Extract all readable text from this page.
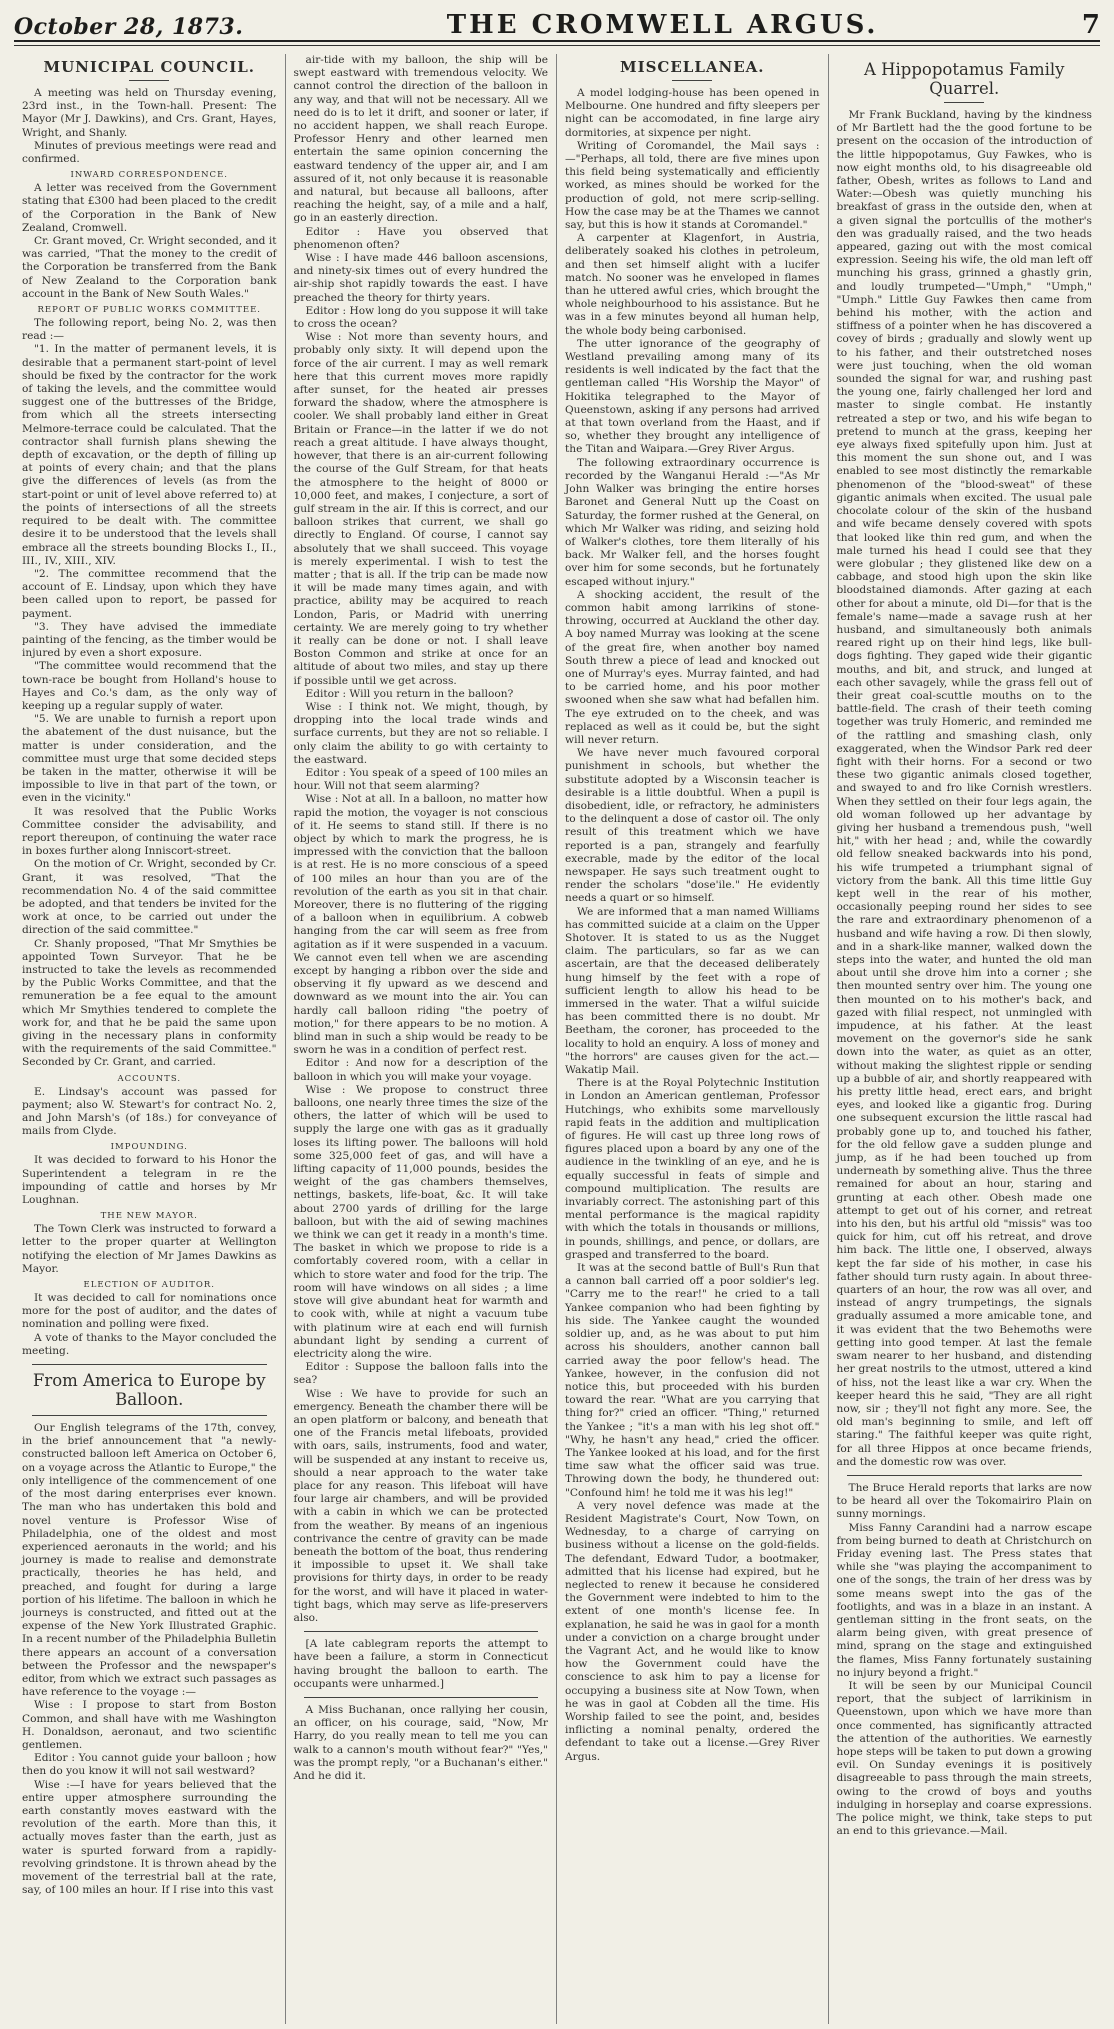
October 28, 1873.	THE CROMWELL ARGUS.	7
MUNICIPAL COUNCIL.

A meeting was held on Thursday evening, 23rd inst., in the Town-hall. Present: The Mayor (Mr J. Dawkins), and Crs. Grant, Hayes, Wright, and Shanly.

Minutes of previous meetings were read and confirmed.

INWARD CORRESPONDENCE.

A letter was received from the Government stating that £300 had been placed to the credit of the Corporation in the Bank of New Zealand, Cromwell.

Cr. Grant moved, Cr. Wright seconded, and it was carried, "That the money to the credit of the Corporation be transferred from the Bank of New Zealand to the Corporation bank account in the Bank of New South Wales."

REPORT OF PUBLIC WORKS COMMITTEE.

The following report, being No. 2, was then read :—

"1. In the matter of permanent levels, it is desirable that a permanent start-point of level should be fixed by the contractor for the work of taking the levels, and the committee would suggest one of the buttresses of the Bridge, from which all the streets intersecting Melmore-terrace could be calculated. That the contractor shall furnish plans shewing the depth of excavation, or the depth of filling up at points of every chain; and that the plans give the differences of levels (as from the start-point or unit of level above referred to) at the points of intersections of all the streets required to be dealt with. The committee desire it to be understood that the levels shall embrace all the streets bounding Blocks I., II., III., IV., XIII., XIV.

"2. The committee recommend that the account of E. Lindsay, upon which they have been called upon to report, be passed for payment.

"3. They have advised the immediate painting of the fencing, as the timber would be injured by even a short exposure.

"The committee would recommend that the town-race be bought from Holland's house to Hayes and Co.'s dam, as the only way of keeping up a regular supply of water.

"5. We are unable to furnish a report upon the abatement of the dust nuisance, but the matter is under consideration, and the committee must urge that some decided steps be taken in the matter, otherwise it will be impossible to live in that part of the town, or even in the vicinity."

It was resolved that the Public Works Committee consider the advisability, and report thereupon, of continuing the water race in boxes further along Inniscort-street.

On the motion of Cr. Wright, seconded by Cr. Grant, it was resolved, "That the recommendation No. 4 of the said committee be adopted, and that tenders be invited for the work at once, to be carried out under the direction of the said committee."

Cr. Shanly proposed, "That Mr Smythies be appointed Town Surveyor. That he be instructed to take the levels as recommended by the Public Works Committee, and that the remuneration be a fee equal to the amount which Mr Smythies tendered to complete the work for, and that he be paid the same upon giving in the necessary plans in conformity with the requirements of the said Committee." Seconded by Cr. Grant, and carried.

ACCOUNTS.

E. Lindsay's account was passed for payment; also W. Stewart's for contract No. 2, and John Marsh's (of 18s.) for conveyance of mails from Clyde.

IMPOUNDING.

It was decided to forward to his Honor the Superintendent a telegram in re the impounding of cattle and horses by Mr Loughnan.

THE NEW MAYOR.

The Town Clerk was instructed to forward a letter to the proper quarter at Wellington notifying the election of Mr James Dawkins as Mayor.

ELECTION OF AUDITOR.

It was decided to call for nominations once more for the post of auditor, and the dates of nomination and polling were fixed.

A vote of thanks to the Mayor concluded the meeting.

From America to Europe by Balloon.

Our English telegrams of the 17th, convey, in the brief announcement that "a newly-constructed balloon left America on October 6, on a voyage across the Atlantic to Europe," the only intelligence of the commencement of one of the most daring enterprises ever known. The man who has undertaken this bold and novel venture is Professor Wise of Philadelphia, one of the oldest and most experienced aeronauts in the world; and his journey is made to realise and demonstrate practically, theories he has held, and preached, and fought for during a large portion of his lifetime. The balloon in which he journeys is constructed, and fitted out at the expense of the New York Illustrated Graphic. In a recent number of the Philadelphia Bulletin there appears an account of a conversation between the Professor and the newspaper's editor, from which we extract such passages as have reference to the voyage :—

Wise : I propose to start from Boston Common, and shall have with me Washington H. Donaldson, aeronaut, and two scientific gentlemen.

Editor : You cannot guide your balloon ; how then do you know it will not sail westward?

Wise :—I have for years believed that the entire upper atmosphere surrounding the earth constantly moves eastward with the revolution of the earth. More than this, it actually moves faster than the earth, just as water is spurted forward from a rapidly-revolving grindstone. It is thrown ahead by the movement of the terrestrial ball at the rate, say, of 100 miles an hour. If I rise into this vast

air-tide with my balloon, the ship will be swept eastward with tremendous velocity. We cannot control the direction of the balloon in any way, and that will not be necessary. All we need do is to let it drift, and sooner or later, if no accident happen, we shall reach Europe. Professor Henry and other learned men entertain the same opinion concerning the eastward tendency of the upper air, and I am assured of it, not only because it is reasonable and natural, but because all balloons, after reaching the height, say, of a mile and a half, go in an easterly direction.

Editor : Have you observed that phenomenon often?

Wise : I have made 446 balloon ascensions, and ninety-six times out of every hundred the air-ship shot rapidly towards the east. I have preached the theory for thirty years.

Editor : How long do you suppose it will take to cross the ocean?

Wise : Not more than seventy hours, and probably only sixty. It will depend upon the force of the air current. I may as well remark here that this current moves more rapidly after sunset, for the heated air presses forward the shadow, where the atmosphere is cooler. We shall probably land either in Great Britain or France—in the latter if we do not reach a great altitude. I have always thought, however, that there is an air-current following the course of the Gulf Stream, for that heats the atmosphere to the height of 8000 or 10,000 feet, and makes, I conjecture, a sort of gulf stream in the air. If this is correct, and our balloon strikes that current, we shall go directly to England. Of course, I cannot say absolutely that we shall succeed. This voyage is merely experimental. I wish to test the matter ; that is all. If the trip can be made now it will be made many times again, and with practice, ability may be acquired to reach London, Paris, or Madrid with unerring certainty. We are merely going to try whether it really can be done or not. I shall leave Boston Common and strike at once for an altitude of about two miles, and stay up there if possible until we get across.

Editor : Will you return in the balloon?

Wise : I think not. We might, though, by dropping into the local trade winds and surface currents, but they are not so reliable. I only claim the ability to go with certainty to the eastward.

Editor : You speak of a speed of 100 miles an hour. Will not that seem alarming?

Wise : Not at all. In a balloon, no matter how rapid the motion, the voyager is not conscious of it. He seems to stand still. If there is no object by which to mark the progress, he is impressed with the conviction that the balloon is at rest. He is no more conscious of a speed of 100 miles an hour than you are of the revolution of the earth as you sit in that chair. Moreover, there is no fluttering of the rigging of a balloon when in equilibrium. A cobweb hanging from the car will seem as free from agitation as if it were suspended in a vacuum. We cannot even tell when we are ascending except by hanging a ribbon over the side and observing it fly upward as we descend and downward as we mount into the air. You can hardly call balloon riding "the poetry of motion," for there appears to be no motion. A blind man in such a ship would be ready to be sworn he was in a condition of perfect rest.

Editor : And now for a description of the balloon in which you will make your voyage.

Wise : We propose to construct three balloons, one nearly three times the size of the others, the latter of which will be used to supply the large one with gas as it gradually loses its lifting power. The balloons will hold some 325,000 feet of gas, and will have a lifting capacity of 11,000 pounds, besides the weight of the gas chambers themselves, nettings, baskets, life-boat, &c. It will take about 2700 yards of drilling for the large balloon, but with the aid of sewing machines we think we can get it ready in a month's time. The basket in which we propose to ride is a comfortably covered room, with a cellar in which to store water and food for the trip. The room will have windows on all sides ; a lime stove will give abundant heat for warmth and to cook with, while at night a vacuum tube with platinum wire at each end will furnish abundant light by sending a current of electricity along the wire.

Editor : Suppose the balloon falls into the sea?

Wise : We have to provide for such an emergency. Beneath the chamber there will be an open platform or balcony, and beneath that one of the Francis metal lifeboats, provided with oars, sails, instruments, food and water, will be suspended at any instant to receive us, should a near approach to the water take place for any reason. This lifeboat will have four large air chambers, and will be provided with a cabin in which we can be protected from the weather. By means of an ingenious contrivance the centre of gravity can be made beneath the bottom of the boat, thus rendering it impossible to upset it. We shall take provisions for thirty days, in order to be ready for the worst, and will have it placed in water-tight bags, which may serve as life-preservers also.

[A late cablegram reports the attempt to have been a failure, a storm in Connecticut having brought the balloon to earth. The occupants were unharmed.]

A Miss Buchanan, once rallying her cousin, an officer, on his courage, said, "Now, Mr Harry, do you really mean to tell me you can walk to a cannon's mouth without fear?" "Yes," was the prompt reply, "or a Buchanan's either." And he did it.

MISCELLANEA.

A model lodging-house has been opened in Melbourne. One hundred and fifty sleepers per night can be accomodated, in fine large airy dormitories, at sixpence per night.

Writing of Coromandel, the Mail says :—"Perhaps, all told, there are five mines upon this field being systematically and efficiently worked, as mines should be worked for the production of gold, not mere scrip-selling. How the case may be at the Thames we cannot say, but this is how it stands at Coromandel."

A carpenter at Klagenfort, in Austria, deliberately soaked his clothes in petroleum, and then set himself alight with a lucifer match. No sooner was he enveloped in flames than he uttered awful cries, which brought the whole neighbourhood to his assistance. But he was in a few minutes beyond all human help, the whole body being carbonised.

The utter ignorance of the geography of Westland prevailing among many of its residents is well indicated by the fact that the gentleman called "His Worship the Mayor" of Hokitika telegraphed to the Mayor of Queenstown, asking if any persons had arrived at that town overland from the Haast, and if so, whether they brought any intelligence of the Titan and Waipara.—Grey River Argus.

The following extraordinary occurrence is recorded by the Wanganui Herald :—"As Mr John Walker was bringing the entire horses Baronet and General Nutt up the Coast on Saturday, the former rushed at the General, on which Mr Walker was riding, and seizing hold of Walker's clothes, tore them literally of his back. Mr Walker fell, and the horses fought over him for some seconds, but he fortunately escaped without injury."

A shocking accident, the result of the common habit among larrikins of stone-throwing, occurred at Auckland the other day. A boy named Murray was looking at the scene of the great fire, when another boy named South threw a piece of lead and knocked out one of Murray's eyes. Murray fainted, and had to be carried home, and his poor mother swooned when she saw what had befallen him. The eye extruded on to the cheek, and was replaced as well as it could be, but the sight will never return.

We have never much favoured corporal punishment in schools, but whether the substitute adopted by a Wisconsin teacher is desirable is a little doubtful. When a pupil is disobedient, idle, or refractory, he administers to the delinquent a dose of castor oil. The only result of this treatment which we have reported is a pan, strangely and fearfully execrable, made by the editor of the local newspaper. He says such treatment ought to render the scholars "dose'ile." He evidently needs a quart or so himself.

We are informed that a man named Williams has committed suicide at a claim on the Upper Shotover. It is stated to us as the Nugget claim. The particulars, so far as we can ascertain, are that the deceased deliberately hung himself by the feet with a rope of sufficient length to allow his head to be immersed in the water. That a wilful suicide has been committed there is no doubt. Mr Beetham, the coroner, has proceeded to the locality to hold an enquiry. A loss of money and "the horrors" are causes given for the act.—Wakatip Mail.

There is at the Royal Polytechnic Institution in London an American gentleman, Professor Hutchings, who exhibits some marvellously rapid feats in the addition and multiplication of figures. He will cast up three long rows of figures placed upon a board by any one of the audience in the twinkling of an eye, and he is equally successful in feats of simple and compound multiplication. The results are invariably correct. The astonishing part of this mental performance is the magical rapidity with which the totals in thousands or millions, in pounds, shillings, and pence, or dollars, are grasped and transferred to the board.

It was at the second battle of Bull's Run that a cannon ball carried off a poor soldier's leg. "Carry me to the rear!" he cried to a tall Yankee companion who had been fighting by his side. The Yankee caught the wounded soldier up, and, as he was about to put him across his shoulders, another cannon ball carried away the poor fellow's head. The Yankee, however, in the confusion did not notice this, but proceeded with his burden toward the rear. "What are you carrying that thing for?" cried an officer. "Thing," returned the Yankee ; "it's a man with his leg shot off." "Why, he hasn't any head," cried the officer. The Yankee looked at his load, and for the first time saw what the officer said was true. Throwing down the body, he thundered out: "Confound him! he told me it was his leg!"

A very novel defence was made at the Resident Magistrate's Court, Now Town, on Wednesday, to a charge of carrying on business without a license on the gold-fields. The defendant, Edward Tudor, a bootmaker, admitted that his license had expired, but he neglected to renew it because he considered the Government were indebted to him to the extent of one month's license fee. In explanation, he said he was in gaol for a month under a conviction on a charge brought under the Vagrant Act, and he would like to know how the Government could have the conscience to ask him to pay a license for occupying a business site at Now Town, when he was in gaol at Cobden all the time. His Worship failed to see the point, and, besides inflicting a nominal penalty, ordered the defendant to take out a license.—Grey River Argus.

A Hippopotamus Family Quarrel.

Mr Frank Buckland, having by the kindness of Mr Bartlett had the the good fortune to be present on the occasion of the introduction of the little hippopotamus, Guy Fawkes, who is now eight months old, to his disagreeable old father, Obesh, writes as follows to Land and Water:—Obesh was quietly munching his breakfast of grass in the outside den, when at a given signal the portcullis of the mother's den was gradually raised, and the two heads appeared, gazing out with the most comical expression. Seeing his wife, the old man left off munching his grass, grinned a ghastly grin, and loudly trumpeted—"Umph," "Umph," "Umph." Little Guy Fawkes then came from behind his mother, with the action and stiffness of a pointer when he has discovered a covey of birds ; gradually and slowly went up to his father, and their outstretched noses were just touching, when the old woman sounded the signal for war, and rushing past the young one, fairly challenged her lord and master to single combat. He instantly retreated a step or two, and his wife began to pretend to munch at the grass, keeping her eye always fixed spitefully upon him. Just at this moment the sun shone out, and I was enabled to see most distinctly the remarkable phenomenon of the "blood-sweat" of these gigantic animals when excited. The usual pale chocolate colour of the skin of the husband and wife became densely covered with spots that looked like thin red gum, and when the male turned his head I could see that they were globular ; they glistened like dew on a cabbage, and stood high upon the skin like bloodstained diamonds. After gazing at each other for about a minute, old Di—for that is the female's name—made a savage rush at her husband, and simultaneously both animals reared right up on their hind legs, like bull-dogs fighting. They gaped wide their gigantic mouths, and bit, and struck, and lunged at each other savagely, while the grass fell out of their great coal-scuttle mouths on to the battle-field. The crash of their teeth coming together was truly Homeric, and reminded me of the rattling and smashing clash, only exaggerated, when the Windsor Park red deer fight with their horns. For a second or two these two gigantic animals closed together, and swayed to and fro like Cornish wrestlers. When they settled on their four legs again, the old woman followed up her advantage by giving her husband a tremendous push, "well hit," with her head ; and, while the cowardly old fellow sneaked backwards into his pond, his wife trumpeted a triumphant signal of victory from the bank. All this time little Guy kept well in the rear of his mother, occasionally peeping round her sides to see the rare and extraordinary phenomenon of a husband and wife having a row. Di then slowly, and in a shark-like manner, walked down the steps into the water, and hunted the old man about until she drove him into a corner ; she then mounted sentry over him. The young one then mounted on to his mother's back, and gazed with filial respect, not unmingled with impudence, at his father. At the least movement on the governor's side he sank down into the water, as quiet as an otter, without making the slightest ripple or sending up a bubble of air, and shortly reappeared with his pretty little head, erect ears, and bright eyes, and looked like a gigantic frog. During one subsequent excursion the little rascal had probably gone up to, and touched his father, for the old fellow gave a sudden plunge and jump, as if he had been touched up from underneath by something alive. Thus the three remained for about an hour, staring and grunting at each other. Obesh made one attempt to get out of his corner, and retreat into his den, but his artful old "missis" was too quick for him, cut off his retreat, and drove him back. The little one, I observed, always kept the far side of his mother, in case his father should turn rusty again. In about three-quarters of an hour, the row was all over, and instead of angry trumpetings, the signals gradually assumed a more amicable tone, and it was evident that the two Behemoths were getting into good temper. At last the female swam nearer to her husband, and distending her great nostrils to the utmost, uttered a kind of hiss, not the least like a war cry. When the keeper heard this he said, "They are all right now, sir ; they'll not fight any more. See, the old man's beginning to smile, and left off staring." The faithful keeper was quite right, for all three Hippos at once became friends, and the domestic row was over.

The Bruce Herald reports that larks are now to be heard all over the Tokomairiro Plain on sunny mornings.

Miss Fanny Carandini had a narrow escape from being burned to death at Christchurch on Friday evening last. The Press states that while she "was playing the accompaniment to one of the songs, the train of her dress was by some means swept into the gas of the footlights, and was in a blaze in an instant. A gentleman sitting in the front seats, on the alarm being given, with great presence of mind, sprang on the stage and extinguished the flames, Miss Fanny fortunately sustaining no injury beyond a fright."

It will be seen by our Municipal Council report, that the subject of larrikinism in Queenstown, upon which we have more than once commented, has significantly attracted the attention of the authorities. We earnestly hope steps will be taken to put down a growing evil. On Sunday evenings it is positively disagreeable to pass through the main streets, owing to the crowd of boys and youths indulging in horseplay and coarse expressions. The police might, we think, take steps to put an end to this grievance.—Mail.
